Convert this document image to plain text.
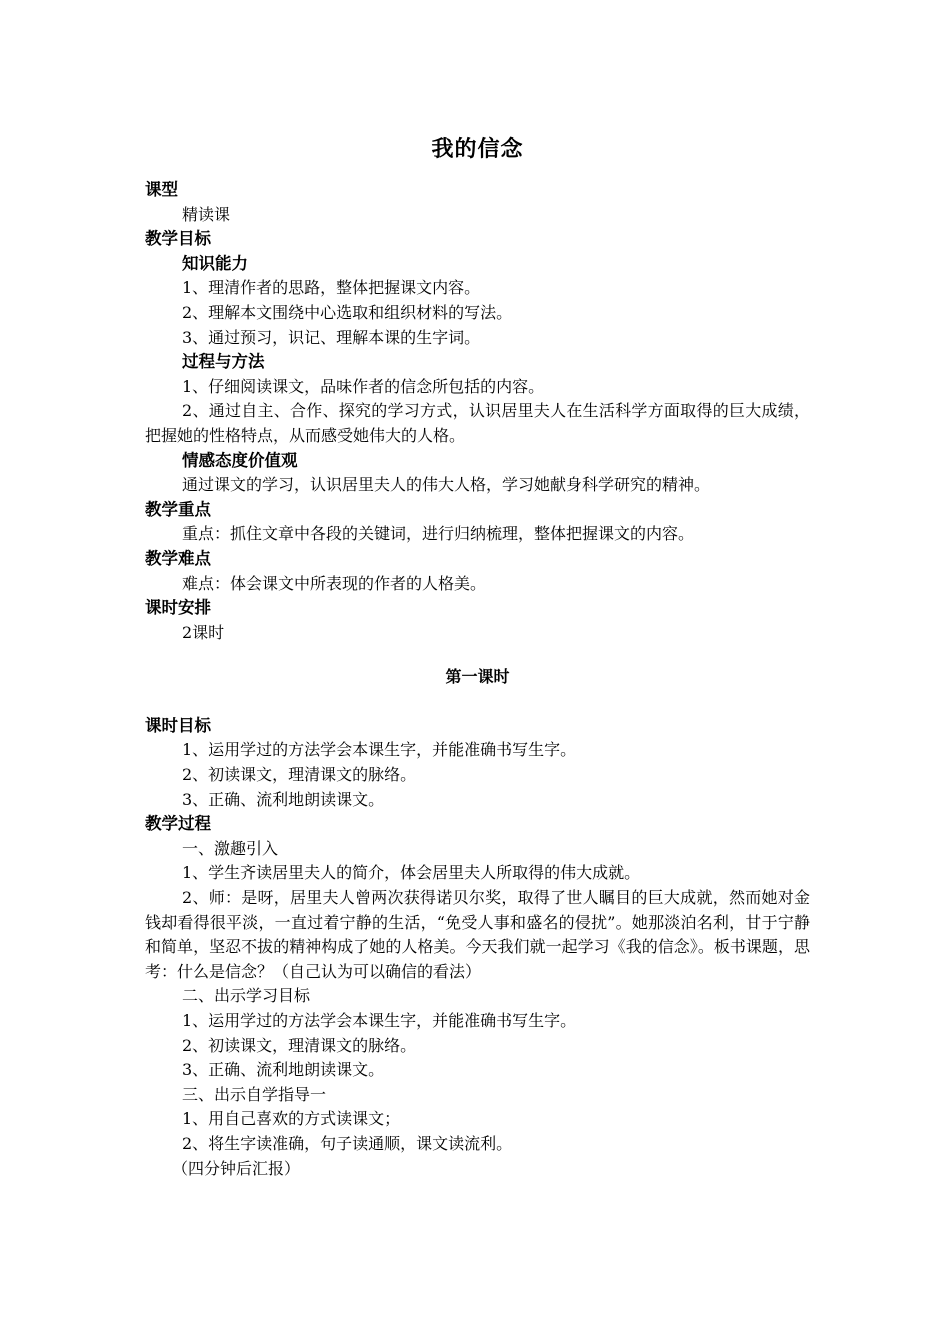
我的信念
课型
精读课
教学目标
知识能力
1、理清作者的思路，整体把握课文内容。
2、理解本文围绕中心选取和组织材料的写法。
3、通过预习，识记、理解本课的生字词。
过程与方法
1、仔细阅读课文，品味作者的信念所包括的内容。
2、通过自主、合作、探究的学习方式，认识居里夫人在生活科学方面取得的巨大成绩，把握她的性格特点，从而感受她伟大的人格。
情感态度价值观
通过课文的学习，认识居里夫人的伟大人格，学习她献身科学研究的精神。
教学重点
重点：抓住文章中各段的关键词，进行归纳梳理，整体把握课文的内容。
教学难点
难点：体会课文中所表现的作者的人格美。
课时安排
2课时
第一课时
课时目标
1、运用学过的方法学会本课生字，并能准确书写生字。
2、初读课文，理清课文的脉络。
3、正确、流利地朗读课文。
教学过程
一、激趣引入
1、学生齐读居里夫人的简介，体会居里夫人所取得的伟大成就。
2、师：是呀，居里夫人曾两次获得诺贝尔奖，取得了世人瞩目的巨大成就，然而她对金钱却看得很平淡，一直过着宁静的生活，“免受人事和盛名的侵扰”。她那淡泊名利，甘于宁静和简单，坚忍不拔的精神构成了她的人格美。今天我们就一起学习《我的信念》。板书课题，思考：什么是信念？（自己认为可以确信的看法）
二、出示学习目标
1、运用学过的方法学会本课生字，并能准确书写生字。
2、初读课文，理清课文的脉络。
3、正确、流利地朗读课文。
三、出示自学指导一
1、用自己喜欢的方式读课文；
2、将生字读准确，句子读通顺，课文读流利。
（四分钟后汇报）
